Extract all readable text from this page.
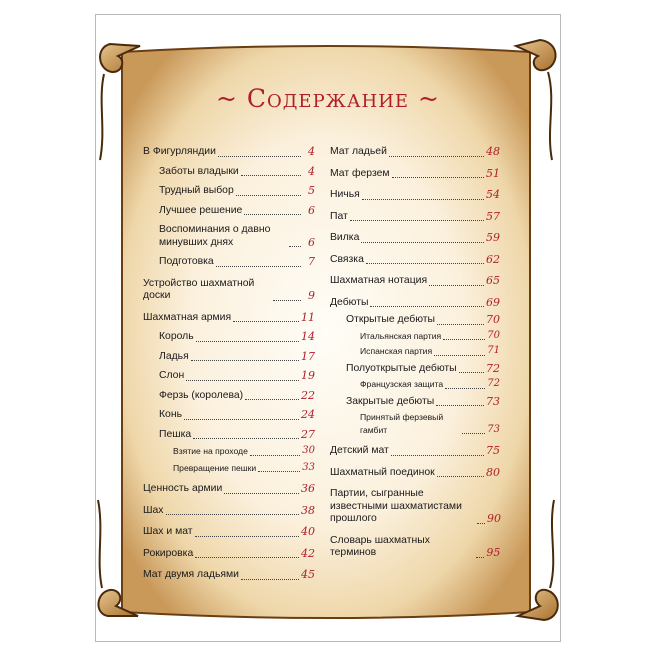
~ Содержание ~
В Фигурляндии	4
Заботы владыки	4
Трудный выбор	5
Лучшее решение	6
Воспоминания о давно минувших днях	6
Подготовка	7
Устройство шахматной доски	9
Шахматная армия	11
Король	14
Ладья	17
Слон	19
Ферзь (королева)	22
Конь	24
Пешка	27
Взятие на проходе	30
Превращение пешки	33
Ценность армии	36
Шах	38
Шах и мат	40
Рокировка	42
Мат двумя ладьями	45
Мат ладьей	48
Мат ферзем	51
Ничья	54
Пат	57
Вилка	59
Связка	62
Шахматная нотация	65
Дебюты	69
Открытые дебюты	70
Итальянская партия	70
Испанская партия	71
Полуоткрытые дебюты	72
Французская защита	72
Закрытые дебюты	73
Принятый ферзевый гамбит	73
Детский мат	75
Шахматный поединок	80
Партии, сыгранные известными шахматистами прошлого	90
Словарь шахматных терминов	95
